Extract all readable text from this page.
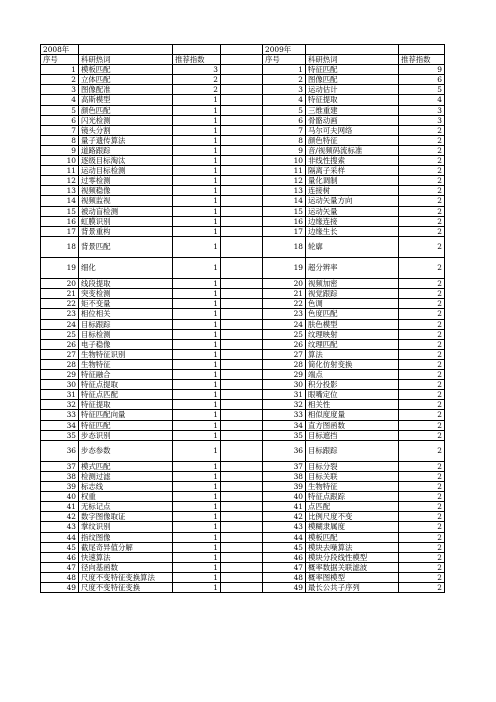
2008年				2009年		
序号	科研热词	推荐指数		序号	科研热词	推荐指数
1	模板匹配	3		1	特征匹配	9
2	立体匹配	2		2	图像匹配	6
3	图像配准	2		3	运动估计	5
4	高斯模型	1		4	特征提取	4
5	颜色匹配	1		5	三维重建	3
6	闪光检测	1		6	骨骼动画	3
7	镜头分割	1		7	马尔可夫网络	2
8	量子遗传算法	1		8	颜色特征	2
9	道路跟踪	1		9	音/视频码流标准	2
10	逐级目标淘汰	1		10	非线性搜索	2
11	运动目标检测	1		11	隔离子采样	2
12	过零检测	1		12	量化调制	2
13	视频稳像	1		13	连接树	2
14	视频监视	1		14	运动矢量方向	2
15	被动盲检测	1		15	运动矢量	2
16	虹膜识别	1		16	边缘连接	2
17	背景重构	1		17	边缘生长	2
18	背景匹配	1		18	轮廓	2
19	细化	1		19	超分辨率	2
20	线段提取	1		20	视频加密	2
21	突变检测	1		21	视觉跟踪	2
22	矩不变量	1		22	色调	2
23	相位相关	1		23	色度匹配	2
24	目标跟踪	1		24	肤色模型	2
25	目标检测	1		25	纹理映射	2
26	电子稳像	1		26	纹理匹配	2
27	生物特征识别	1		27	算法	2
28	生物特征	1		28	简化仿射变换	2
29	特征融合	1		29	端点	2
30	特征点提取	1		30	积分投影	2
31	特征点匹配	1		31	眼嘴定位	2
32	特征提取	1		32	相关性	2
33	特征匹配向量	1		33	相似度度量	2
34	特征匹配	1		34	直方图函数	2
35	步态识别	1		35	目标遮挡	2
36	步态参数	1		36	目标跟踪	2
37	模式匹配	1		37	目标分裂	2
38	检测过滤	1		38	目标关联	2
39	标志线	1		39	生物特征	2
40	权重	1		40	特征点跟踪	2
41	无标记点	1		41	点匹配	2
42	数字图像取证	1		42	比例尺度不变	2
43	掌纹识别	1		43	模糊隶属度	2
44	指纹图像	1		44	模板匹配	2
45	截尾奇异值分解	1		45	模块去噪算法	2
46	快速算法	1		46	模块分段线性模型	2
47	径向基函数	1		47	概率数据关联滤波	2
48	尺度不变特征变换算法	1		48	概率图模型	2
49	尺度不变特征变换	1		49	最长公共子序列	2
